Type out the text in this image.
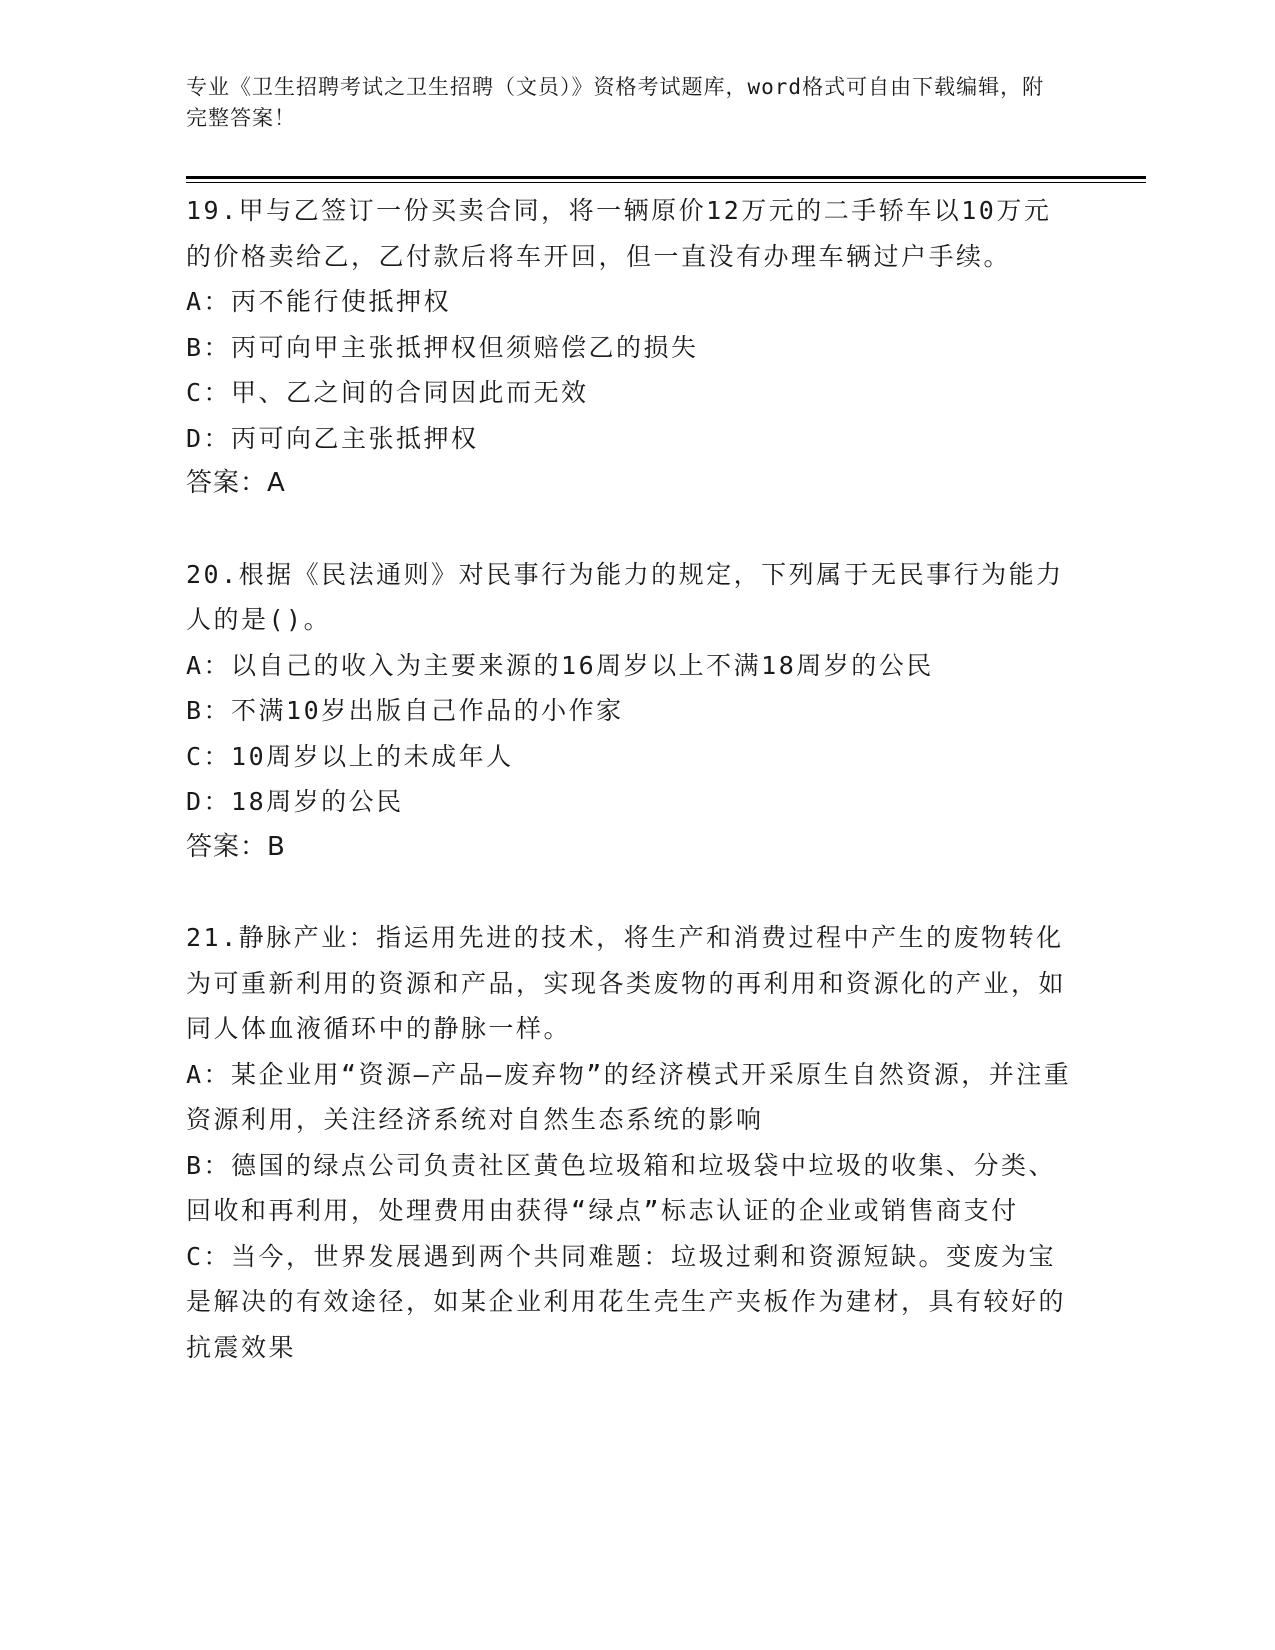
专业《卫生招聘考试之卫生招聘（文员）》资格考试题库，word格式可自由下载编辑，附完整答案！

19.甲与乙签订一份买卖合同，将一辆原价12万元的二手轿车以10万元的价格卖给乙，乙付款后将车开回，但一直没有办理车辆过户手续。

A：丙不能行使抵押权

B：丙可向甲主张抵押权但须赔偿乙的损失

C：甲、乙之间的合同因此而无效

D：丙可向乙主张抵押权

答案：A

20.根据《民法通则》对民事行为能力的规定，下列属于无民事行为能力人的是()。

A：以自己的收入为主要来源的16周岁以上不满18周岁的公民

B：不满10岁出版自己作品的小作家

C：10周岁以上的未成年人

D：18周岁的公民

答案：B

21.静脉产业：指运用先进的技术，将生产和消费过程中产生的废物转化为可重新利用的资源和产品，实现各类废物的再利用和资源化的产业，如同人体血液循环中的静脉一样。

A：某企业用“资源—产品—废弃物”的经济模式开采原生自然资源，并注重资源利用，关注经济系统对自然生态系统的影响

B：德国的绿点公司负责社区黄色垃圾箱和垃圾袋中垃圾的收集、分类、回收和再利用，处理费用由获得“绿点”标志认证的企业或销售商支付

C：当今，世界发展遇到两个共同难题：垃圾过剩和资源短缺。变废为宝是解决的有效途径，如某企业利用花生壳生产夹板作为建材，具有较好的抗震效果
